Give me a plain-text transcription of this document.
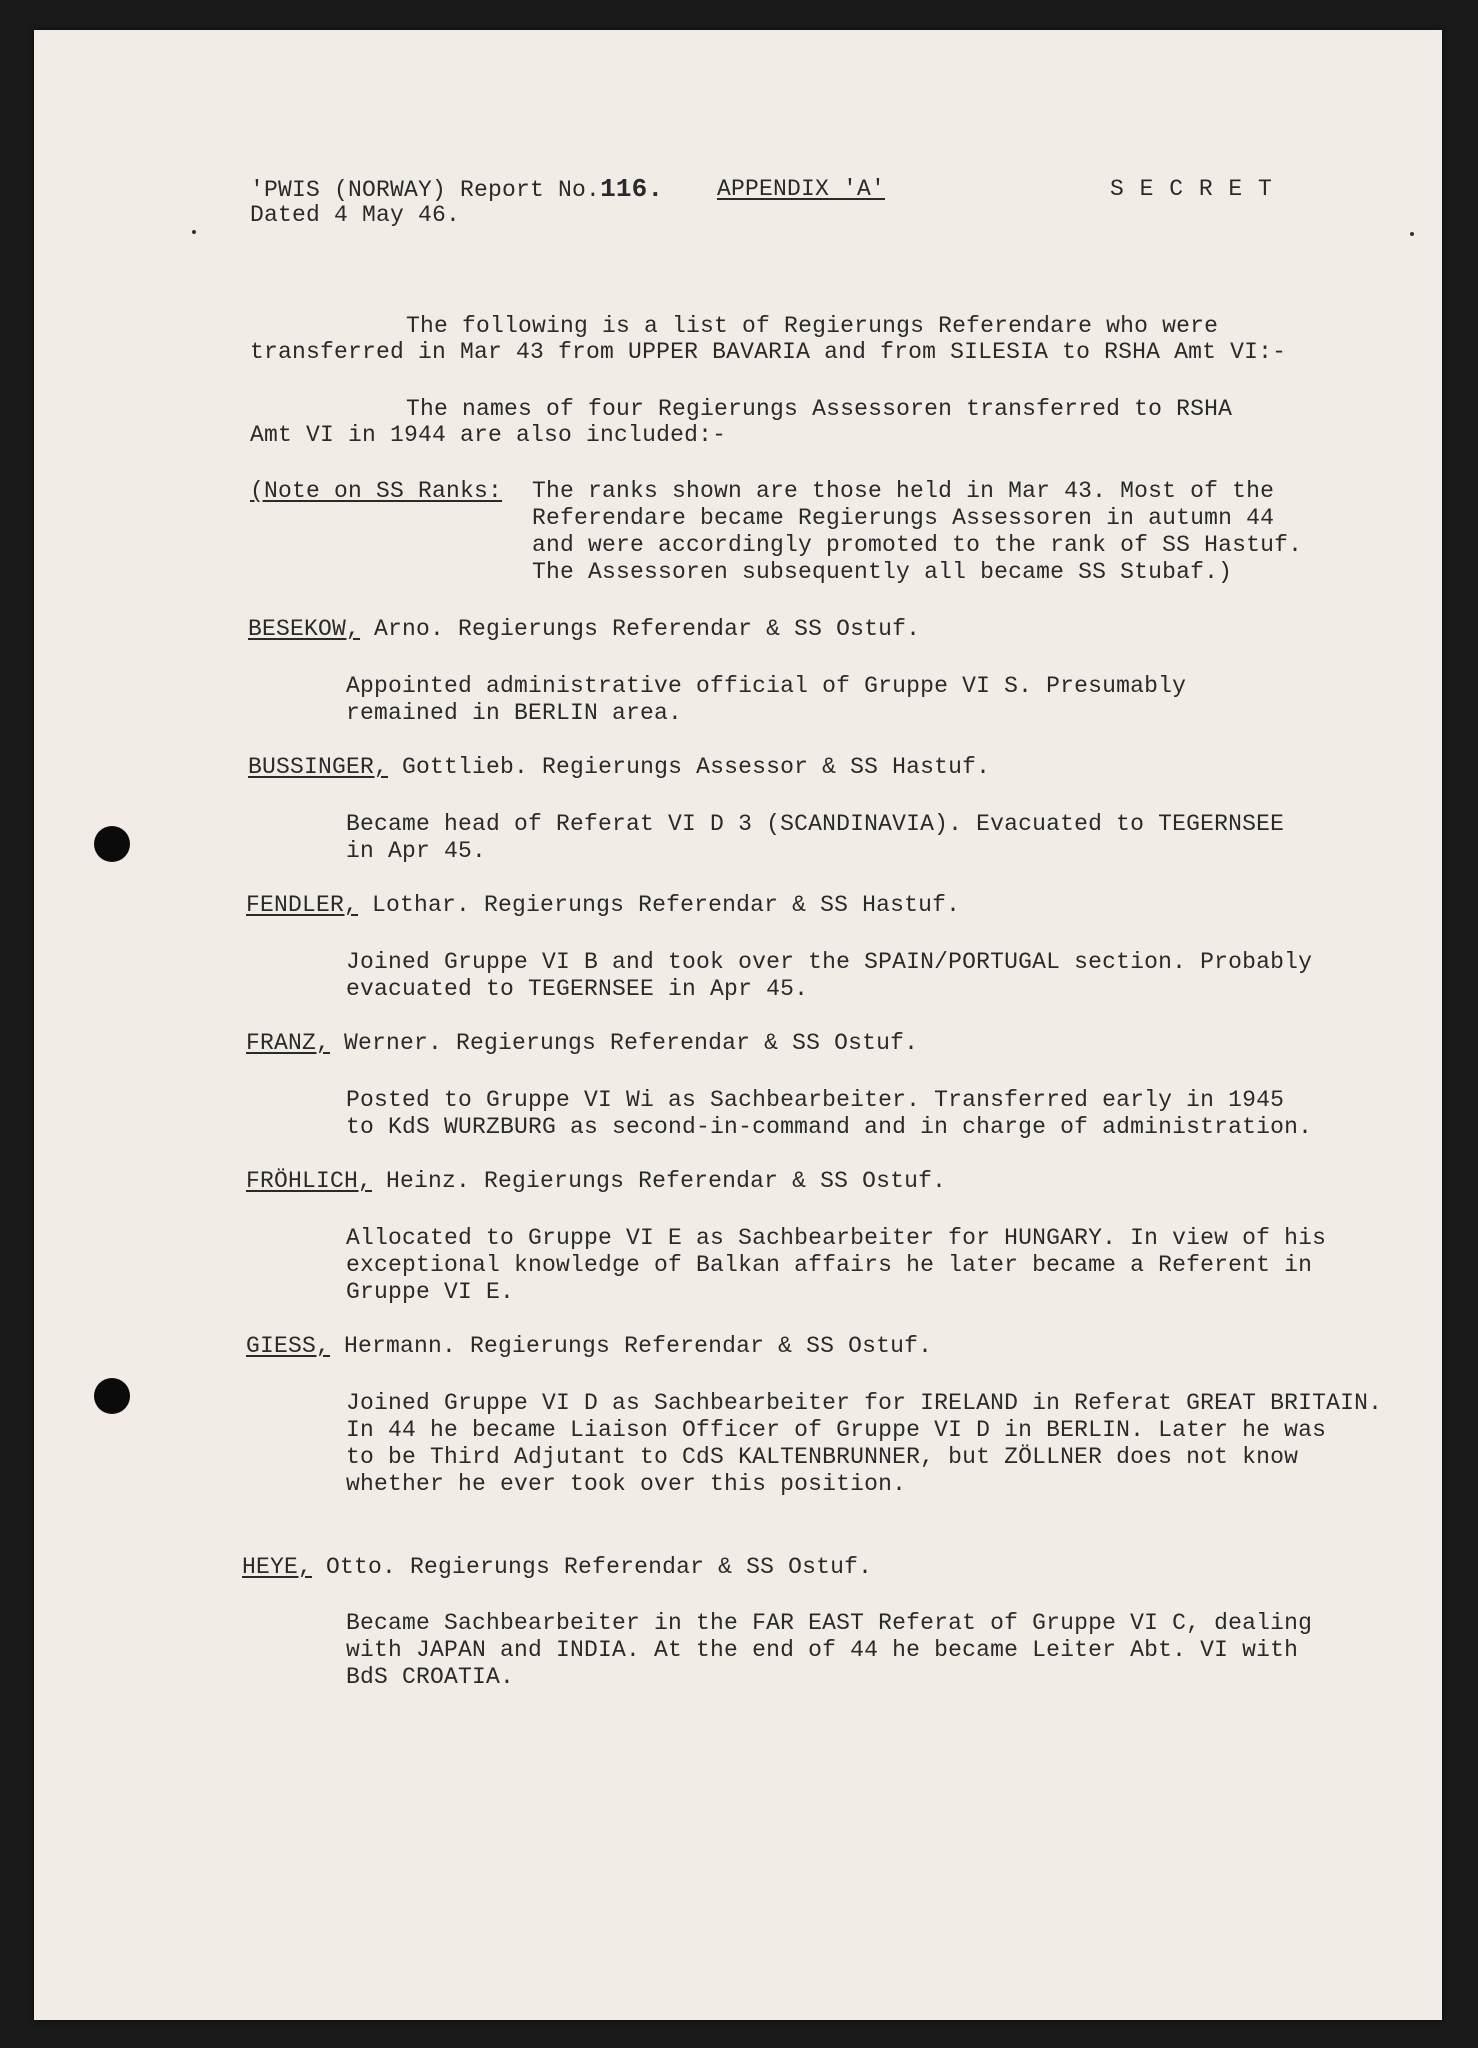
'PWIS (NORWAY) Report No.116. APPENDIX 'A'	S E C R E T
Dated 4 May 46.
The following is a list of Regierungs Referendare who were
transferred in Mar 43 from UPPER BAVARIA and from SILESIA to RSHA Amt VI:-
The names of four Regierungs Assessoren transferred to RSHA
Amt VI in 1944 are also included:-
(Note on SS Ranks: The ranks shown are those held in Mar 43. Most of the
Referendare became Regierungs Assessoren in autumn 44
and were accordingly promoted to the rank of SS Hastuf.
The Assessoren subsequently all became SS Stubaf.)
BESEKOW, Arno. Regierungs Referendar & SS Ostuf.
Appointed administrative official of Gruppe VI S. Presumably
remained in BERLIN area.
BUSSINGER, Gottlieb. Regierungs Assessor & SS Hastuf.
Became head of Referat VI D 3 (SCANDINAVIA). Evacuated to TEGERNSEE
in Apr 45.
FENDLER, Lothar. Regierungs Referendar & SS Hastuf.
Joined Gruppe VI B and took over the SPAIN/PORTUGAL section. Probably
evacuated to TEGERNSEE in Apr 45.
FRANZ, Werner. Regierungs Referendar & SS Ostuf.
Posted to Gruppe VI Wi as Sachbearbeiter. Transferred early in 1945
to KdS WURZBURG as second-in-command and in charge of administration.
FRÖHLICH, Heinz. Regierungs Referendar & SS Ostuf.
Allocated to Gruppe VI E as Sachbearbeiter for HUNGARY. In view of his
exceptional knowledge of Balkan affairs he later became a Referent in
Gruppe VI E.
GIESS, Hermann. Regierungs Referendar & SS Ostuf.
Joined Gruppe VI D as Sachbearbeiter for IRELAND in Referat GREAT BRITAIN.
In 44 he became Liaison Officer of Gruppe VI D in BERLIN. Later he was
to be Third Adjutant to CdS KALTENBRUNNER, but ZÖLLNER does not know
whether he ever took over this position.
HEYE, Otto. Regierungs Referendar & SS Ostuf.
Became Sachbearbeiter in the FAR EAST Referat of Gruppe VI C, dealing
with JAPAN and INDIA. At the end of 44 he became Leiter Abt. VI with
BdS CROATIA.
